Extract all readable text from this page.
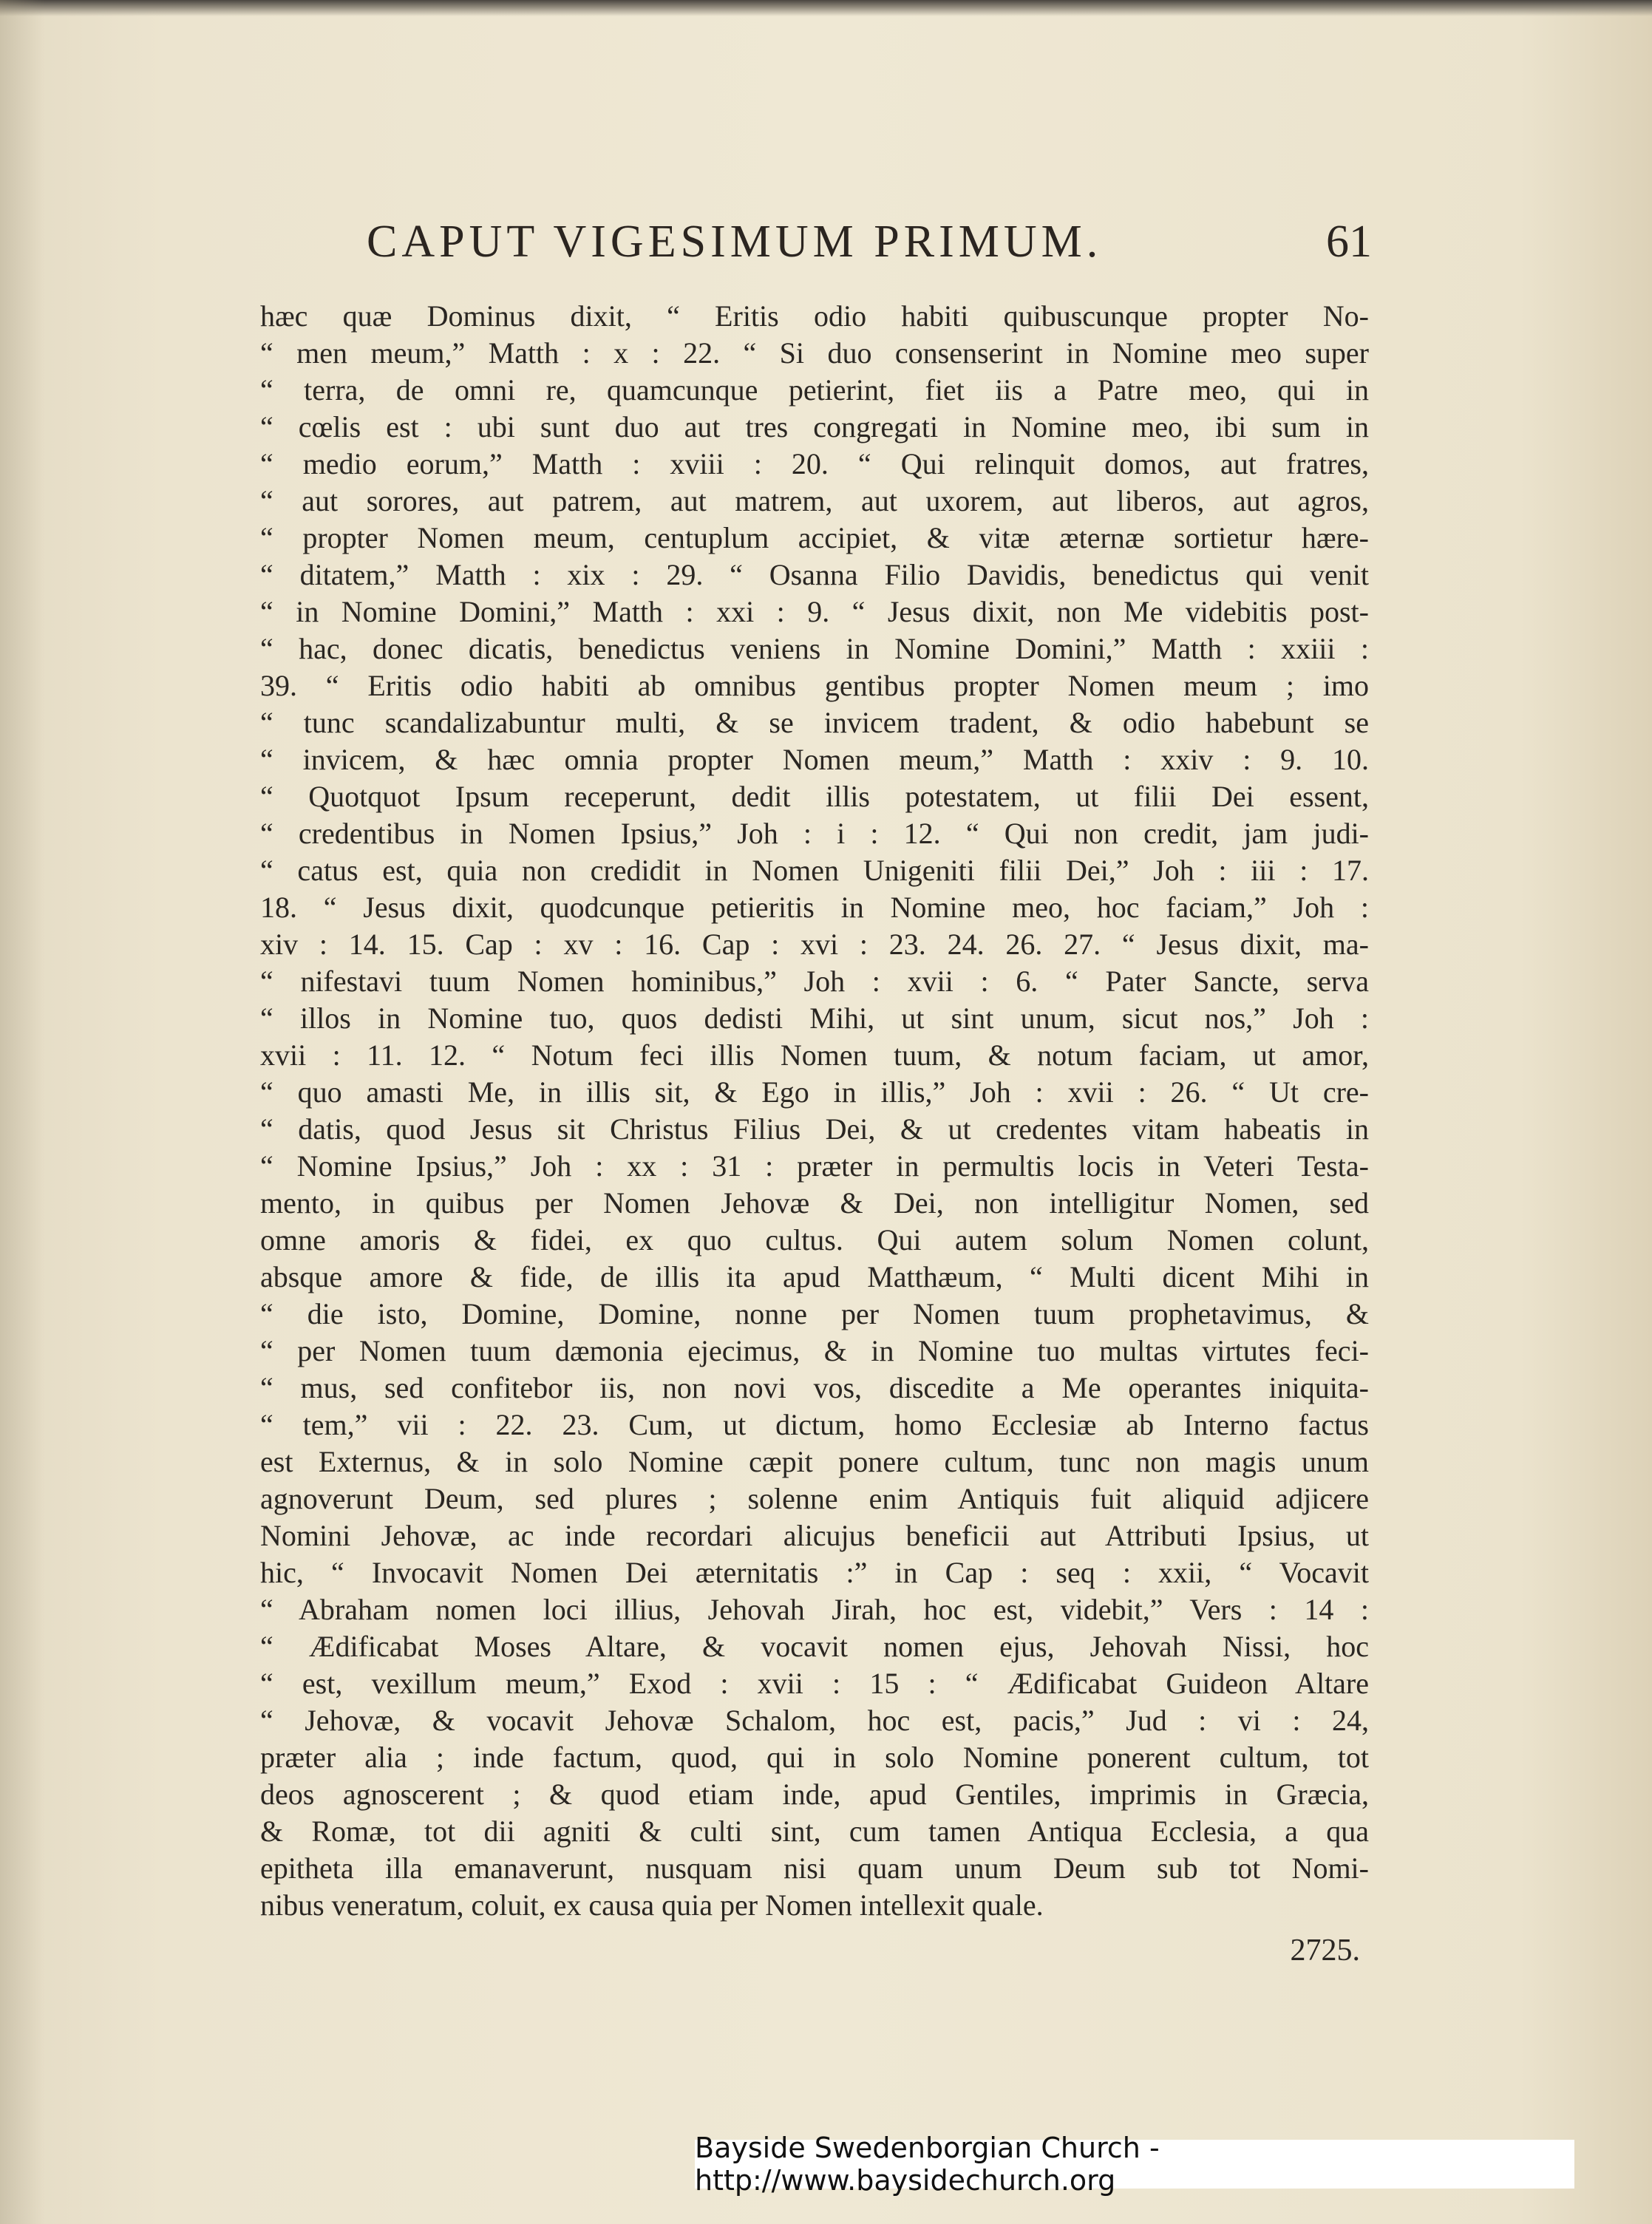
CAPUT VIGESIMUM PRIMUM.	61
hæc quæ Dominus dixit, “ Eritis odio habiti quibuscunque propter No-
“ men meum,” Matth : x : 22. “ Si duo consenserint in Nomine meo super
“ terra, de omni re, quamcunque petierint, fiet iis a Patre meo, qui in
“ cœlis est : ubi sunt duo aut tres congregati in Nomine meo, ibi sum in
“ medio eorum,” Matth : xviii : 20. “ Qui relinquit domos, aut fratres,
“ aut sorores, aut patrem, aut matrem, aut uxorem, aut liberos, aut agros,
“ propter Nomen meum, centuplum accipiet, & vitæ æternæ sortietur hære-
“ ditatem,” Matth : xix : 29. “ Osanna Filio Davidis, benedictus qui venit
“ in Nomine Domini,” Matth : xxi : 9. “ Jesus dixit, non Me videbitis post-
“ hac, donec dicatis, benedictus veniens in Nomine Domini,” Matth : xxiii :
39. “ Eritis odio habiti ab omnibus gentibus propter Nomen meum ; imo
“ tunc scandalizabuntur multi, & se invicem tradent, & odio habebunt se
“ invicem, & hæc omnia propter Nomen meum,” Matth : xxiv : 9. 10.
“ Quotquot Ipsum receperunt, dedit illis potestatem, ut filii Dei essent,
“ credentibus in Nomen Ipsius,” Joh : i : 12. “ Qui non credit, jam judi-
“ catus est, quia non credidit in Nomen Unigeniti filii Dei,” Joh : iii : 17.
18. “ Jesus dixit, quodcunque petieritis in Nomine meo, hoc faciam,” Joh :
xiv : 14. 15. Cap : xv : 16. Cap : xvi : 23. 24. 26. 27. “ Jesus dixit, ma-
“ nifestavi tuum Nomen hominibus,” Joh : xvii : 6. “ Pater Sancte, serva
“ illos in Nomine tuo, quos dedisti Mihi, ut sint unum, sicut nos,” Joh :
xvii : 11. 12. “ Notum feci illis Nomen tuum, & notum faciam, ut amor,
“ quo amasti Me, in illis sit, & Ego in illis,” Joh : xvii : 26. “ Ut cre-
“ datis, quod Jesus sit Christus Filius Dei, & ut credentes vitam habeatis in
“ Nomine Ipsius,” Joh : xx : 31 : præter in permultis locis in Veteri Testa-
mento, in quibus per Nomen Jehovæ & Dei, non intelligitur Nomen, sed
omne amoris & fidei, ex quo cultus. Qui autem solum Nomen colunt,
absque amore & fide, de illis ita apud Matthæum, “ Multi dicent Mihi in
“ die isto, Domine, Domine, nonne per Nomen tuum prophetavimus, &
“ per Nomen tuum dæmonia ejecimus, & in Nomine tuo multas virtutes feci-
“ mus, sed confitebor iis, non novi vos, discedite a Me operantes iniquita-
“ tem,” vii : 22. 23. Cum, ut dictum, homo Ecclesiæ ab Interno factus
est Externus, & in solo Nomine cæpit ponere cultum, tunc non magis unum
agnoverunt Deum, sed plures ; solenne enim Antiquis fuit aliquid adjicere
Nomini Jehovæ, ac inde recordari alicujus beneficii aut Attributi Ipsius, ut
hic, “ Invocavit Nomen Dei æternitatis :” in Cap : seq : xxii, “ Vocavit
“ Abraham nomen loci illius, Jehovah Jirah, hoc est, videbit,” Vers : 14 :
“ Ædificabat Moses Altare, & vocavit nomen ejus, Jehovah Nissi, hoc
“ est, vexillum meum,” Exod : xvii : 15 : “ Ædificabat Guideon Altare
“ Jehovæ, & vocavit Jehovæ Schalom, hoc est, pacis,” Jud : vi : 24,
præter alia ; inde factum, quod, qui in solo Nomine ponerent cultum, tot
deos agnoscerent ; & quod etiam inde, apud Gentiles, imprimis in Græcia,
& Romæ, tot dii agniti & culti sint, cum tamen Antiqua Ecclesia, a qua
epitheta illa emanaverunt, nusquam nisi quam unum Deum sub tot Nomi-
nibus veneratum, coluit, ex causa quia per Nomen intellexit quale.
2725.
Bayside Swedenborgian Church - http://www.baysidechurch.org
